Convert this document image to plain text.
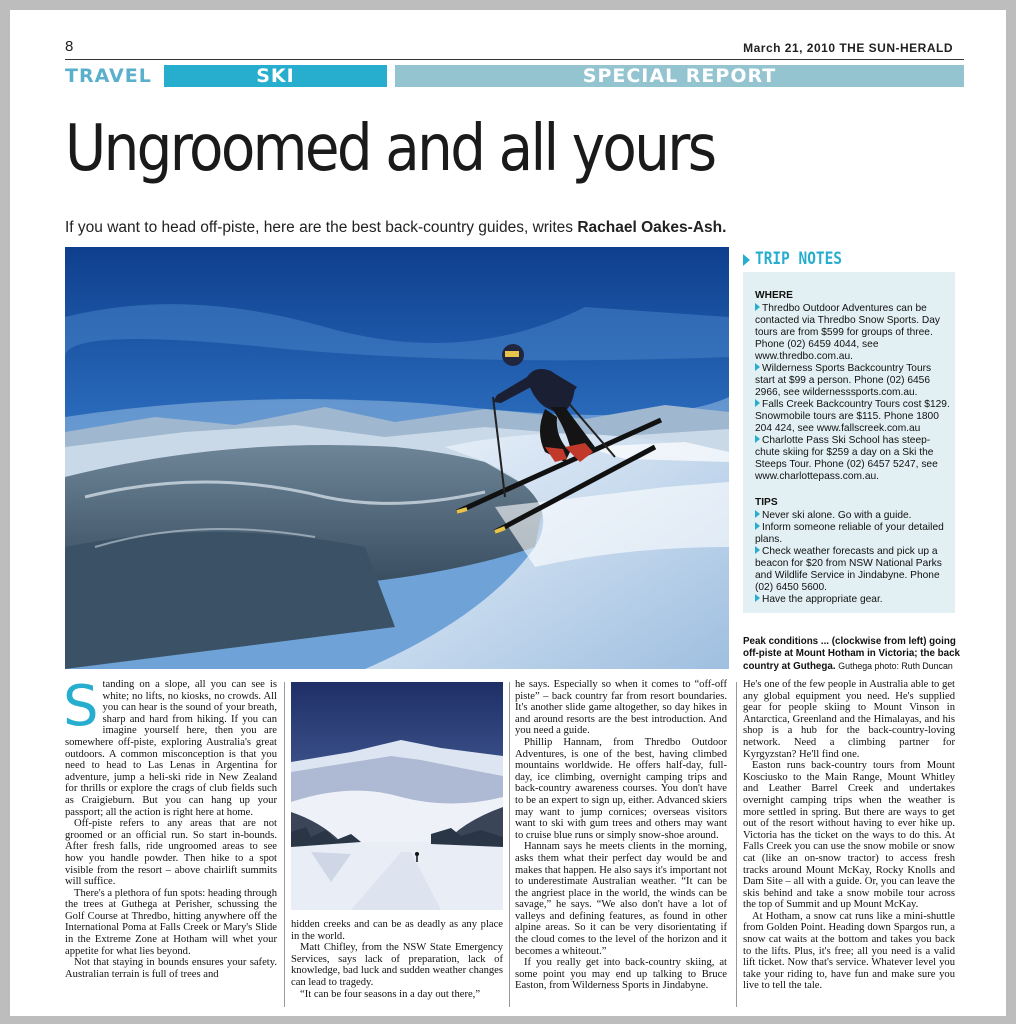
8	March 21, 2010 THE SUN-HERALD
TRAVEL	SKI	SPECIAL REPORT
Ungroomed and all yours
If you want to head off-piste, here are the best back-country guides, writes Rachael Oakes-Ash.
TRIP NOTES
WHERE
Thredbo Outdoor Adventures can be contacted via Thredbo Snow Sports. Day tours are from $599 for groups of three. Phone (02) 6459 4044, see www.thredbo.com.au.
Wilderness Sports Backcountry Tours start at $99 a person. Phone (02) 6456 2966, see wildernesssports.com.au.
Falls Creek Backcountry Tours cost $129. Snowmobile tours are $115. Phone 1800 204 424, see www.fallscreek.com.au
Charlotte Pass Ski School has steep-chute skiing for $259 a day on a Ski the Steeps Tour. Phone (02) 6457 5247, see www.charlottepass.com.au.
TIPS
Never ski alone. Go with a guide.
Inform someone reliable of your detailed plans.
Check weather forecasts and pick up a beacon for $20 from NSW National Parks and Wildlife Service in Jindabyne. Phone (02) 6450 5600.
Have the appropriate gear.
Peak conditions ... (clockwise from left) going off-piste at Mount Hotham in Victoria; the back country at Guthega. Guthega photo: Ruth Duncan
S tanding on a slope, all you can see is white; no lifts, no kiosks, no crowds. All you can hear is the sound of your breath, sharp and hard from hiking. If you can imagine yourself here, then you are somewhere off-piste, exploring Australia's great outdoors. A common misconception is that you need to head to Las Lenas in Argentina for adventure, jump a heli-ski ride in New Zealand for thrills or explore the crags of club fields such as Craigieburn. But you can hang up your passport; all the action is right here at home.

Off-piste refers to any areas that are not groomed or an official run. So start in-bounds. After fresh falls, ride ungroomed areas to see how you handle powder. Then hike to a spot visible from the resort – above chairlift summits will suffice.

There's a plethora of fun spots: heading through the trees at Guthega at Perisher, schussing the Golf Course at Thredbo, hitting anywhere off the International Poma at Falls Creek or Mary's Slide in the Extreme Zone at Hotham will whet your appetite for what lies beyond.

Not that staying in bounds ensures your safety. Australian terrain is full of trees and

hidden creeks and can be as deadly as any place in the world.

Matt Chifley, from the NSW State Emergency Services, says lack of preparation, lack of knowledge, bad luck and sudden weather changes can lead to tragedy.

“It can be four seasons in a day out there,”

he says. Especially so when it comes to “off-off piste” – back country far from resort boundaries. It's another slide game altogether, so day hikes in and around resorts are the best introduction. And you need a guide.

Phillip Hannam, from Thredbo Outdoor Adventures, is one of the best, having climbed mountains worldwide. He offers half-day, full-day, ice climbing, overnight camping trips and back-country awareness courses. You don't have to be an expert to sign up, either. Advanced skiers may want to jump cornices; overseas visitors want to ski with gum trees and others may want to cruise blue runs or simply snow-shoe around.

Hannam says he meets clients in the morning, asks them what their perfect day would be and makes that happen. He also says it's important not to underestimate Australian weather. “It can be the angriest place in the world, the winds can be savage,” he says. “We also don't have a lot of valleys and defining features, as found in other alpine areas. So it can be very disorientating if the cloud comes to the level of the horizon and it becomes a whiteout.”

If you really get into back-country skiing, at some point you may end up talking to Bruce Easton, from Wilderness Sports in Jindabyne.

He's one of the few people in Australia able to get any global equipment you need. He's supplied gear for people skiing to Mount Vinson in Antarctica, Greenland and the Himalayas, and his shop is a hub for the back-country-loving network. Need a climbing partner for Kyrgyzstan? He'll find one.

Easton runs back-country tours from Mount Kosciusko to the Main Range, Mount Whitley and Leather Barrel Creek and undertakes overnight camping trips when the weather is more settled in spring. But there are ways to get out of the resort without having to ever hike up. Victoria has the ticket on the ways to do this. At Falls Creek you can use the snow mobile or snow cat (like an on-snow tractor) to access fresh tracks around Mount McKay, Rocky Knolls and Dam Site – all with a guide. Or, you can leave the skis behind and take a snow mobile tour across the top of Summit and up Mount McKay.

At Hotham, a snow cat runs like a mini-shuttle from Golden Point. Heading down Spargos run, a snow cat waits at the bottom and takes you back to the lifts. Plus, it's free; all you need is a valid lift ticket. Now that's service. Whatever level you take your riding to, have fun and make sure you live to tell the tale.
